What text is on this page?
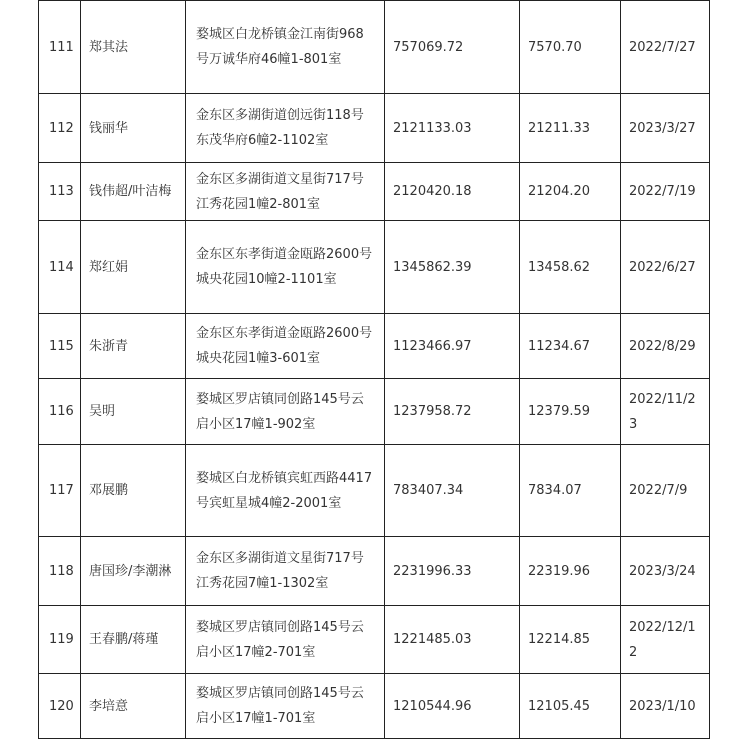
111	郑其法	婺城区白龙桥镇金江南街968号万诚华府46幢1-801室	757069.72	7570.70	2022/7/27
112	钱丽华	金东区多湖街道创远街118号东茂华府6幢2-1102室	2121133.03	21211.33	2023/3/27
113	钱伟超/叶洁梅	金东区多湖街道文星街717号江秀花园1幢2-801室	2120420.18	21204.20	2022/7/19
114	郑红娟	金东区东孝街道金瓯路2600号城央花园10幢2-1101室	1345862.39	13458.62	2022/6/27
115	朱浙青	金东区东孝街道金瓯路2600号城央花园1幢3-601室	1123466.97	11234.67	2022/8/29
116	吴明	婺城区罗店镇同创路145号云启小区17幢1-902室	1237958.72	12379.59	2022/11/23
117	邓展鹏	婺城区白龙桥镇宾虹西路4417号宾虹星城4幢2-2001室	783407.34	7834.07	2022/7/9
118	唐国珍/李潮淋	金东区多湖街道文星街717号江秀花园7幢1-1302室	2231996.33	22319.96	2023/3/24
119	王春鹏/蒋瑾	婺城区罗店镇同创路145号云启小区17幢2-701室	1221485.03	12214.85	2022/12/12
120	李培意	婺城区罗店镇同创路145号云启小区17幢1-701室	1210544.96	12105.45	2023/1/10
